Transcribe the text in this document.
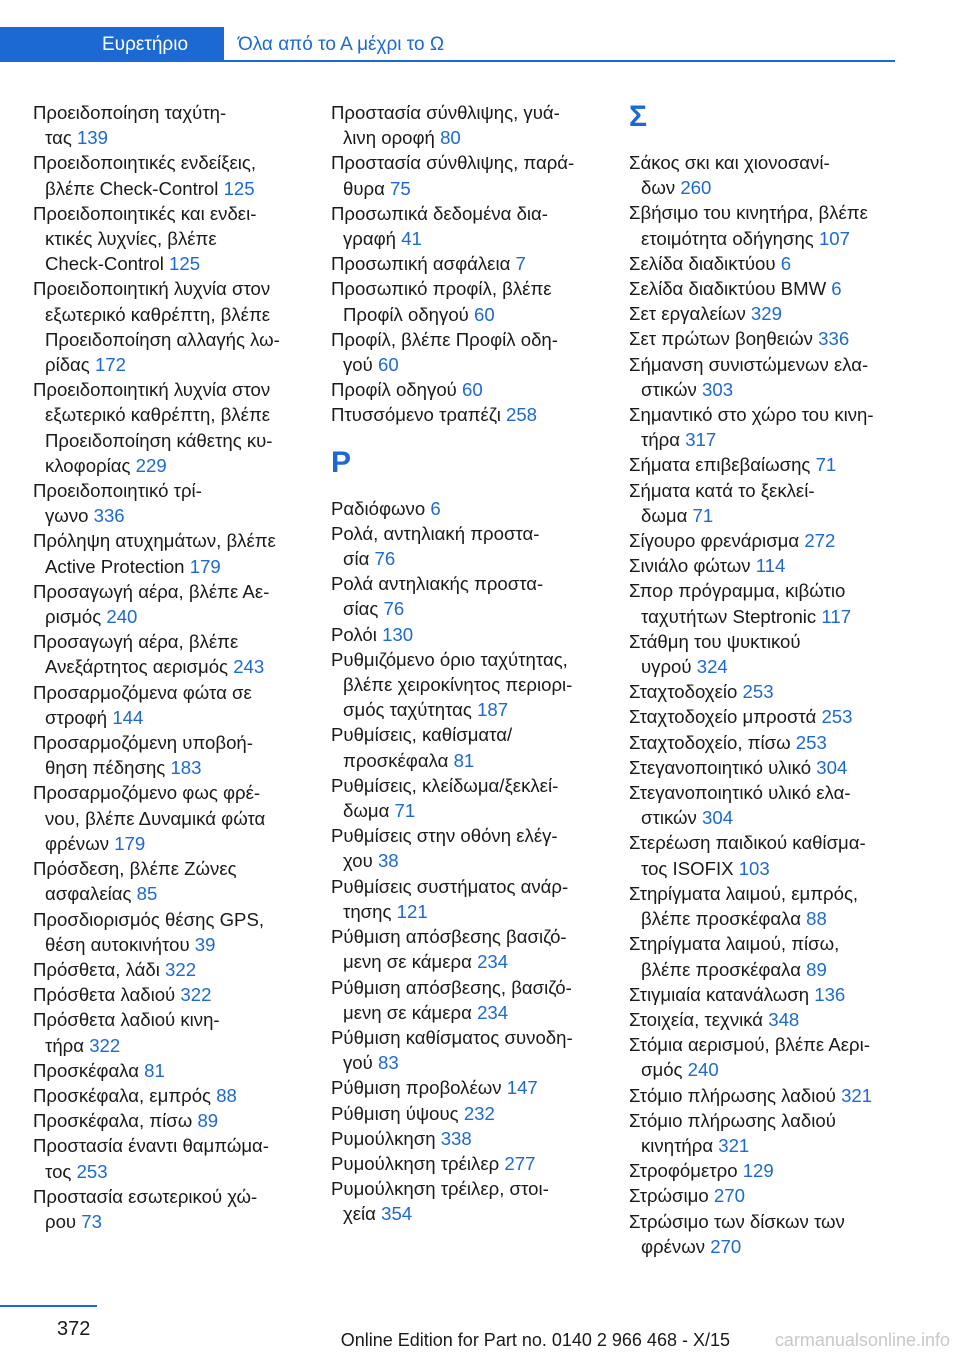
Ευρετήριο	Όλα από το Α μέχρι το Ω
Προειδοποίηση ταχύτη-
τας 139
Προειδοποιητικές ενδείξεις,
βλέπε Check-Control 125
Προειδοποιητικές και ενδει-
κτικές λυχνίες, βλέπε
Check-Control 125
Προειδοποιητική λυχνία στον
εξωτερικό καθρέπτη, βλέπε
Προειδοποίηση αλλαγής λω-
ρίδας 172
Προειδοποιητική λυχνία στον
εξωτερικό καθρέπτη, βλέπε
Προειδοποίηση κάθετης κυ-
κλοφορίας 229
Προειδοποιητικό τρί-
γωνο 336
Πρόληψη ατυχημάτων, βλέπε
Active Protection 179
Προσαγωγή αέρα, βλέπε Αε-
ρισμός 240
Προσαγωγή αέρα, βλέπε
Ανεξάρτητος αερισμός 243
Προσαρμοζόμενα φώτα σε
στροφή 144
Προσαρμοζόμενη υποβοή-
θηση πέδησης 183
Προσαρμοζόμενο φως φρέ-
νου, βλέπε Δυναμικά φώτα
φρένων 179
Πρόσδεση, βλέπε Ζώνες
ασφαλείας 85
Προσδιορισμός θέσης GPS,
θέση αυτοκινήτου 39
Πρόσθετα, λάδι 322
Πρόσθετα λαδιού 322
Πρόσθετα λαδιού κινη-
τήρα 322
Προσκέφαλα 81
Προσκέφαλα, εμπρός 88
Προσκέφαλα, πίσω 89
Προστασία έναντι θαμπώμα-
τος 253
Προστασία εσωτερικού χώ-
ρου 73
Προστασία σύνθλιψης, γυά-
λινη οροφή 80
Προστασία σύνθλιψης, παρά-
θυρα 75
Προσωπικά δεδομένα δια-
γραφή 41
Προσωπική ασφάλεια 7
Προσωπικό προφίλ, βλέπε
Προφίλ οδηγού 60
Προφίλ, βλέπε Προφίλ οδη-
γού 60
Προφίλ οδηγού 60
Πτυσσόμενο τραπέζι 258
Ρ
Ραδιόφωνο 6
Ρολά, αντηλιακή προστα-
σία 76
Ρολά αντηλιακής προστα-
σίας 76
Ρολόι 130
Ρυθμιζόμενο όριο ταχύτητας,
βλέπε χειροκίνητος περιορι-
σμός ταχύτητας 187
Ρυθμίσεις, καθίσματα/
προσκέφαλα 81
Ρυθμίσεις, κλείδωμα/ξεκλεί-
δωμα 71
Ρυθμίσεις στην οθόνη ελέγ-
χου 38
Ρυθμίσεις συστήματος ανάρ-
τησης 121
Ρύθμιση απόσβεσης βασιζό-
μενη σε κάμερα 234
Ρύθμιση απόσβεσης, βασιζό-
μενη σε κάμερα 234
Ρύθμιση καθίσματος συνοδη-
γού 83
Ρύθμιση προβολέων 147
Ρύθμιση ύψους 232
Ρυμούλκηση 338
Ρυμούλκηση τρέιλερ 277
Ρυμούλκηση τρέιλερ, στοι-
χεία 354
Σ
Σάκος σκι και χιονοσανί-
δων 260
Σβήσιμο του κινητήρα, βλέπε
ετοιμότητα οδήγησης 107
Σελίδα διαδικτύου 6
Σελίδα διαδικτύου BMW 6
Σετ εργαλείων 329
Σετ πρώτων βοηθειών 336
Σήμανση συνιστώμενων ελα-
στικών 303
Σημαντικό στο χώρο του κινη-
τήρα 317
Σήματα επιβεβαίωσης 71
Σήματα κατά το ξεκλεί-
δωμα 71
Σίγουρο φρενάρισμα 272
Σινιάλο φώτων 114
Σπορ πρόγραμμα, κιβώτιο
ταχυτήτων Steptronic 117
Στάθμη του ψυκτικού
υγρού 324
Σταχτοδοχείο 253
Σταχτοδοχείο μπροστά 253
Σταχτοδοχείο, πίσω 253
Στεγανοποιητικό υλικό 304
Στεγανοποιητικό υλικό ελα-
στικών 304
Στερέωση παιδικού καθίσμα-
τος ISOFIX 103
Στηρίγματα λαιμού, εμπρός,
βλέπε προσκέφαλα 88
Στηρίγματα λαιμού, πίσω,
βλέπε προσκέφαλα 89
Στιγμιαία κατανάλωση 136
Στοιχεία, τεχνικά 348
Στόμια αερισμού, βλέπε Αερι-
σμός 240
Στόμιο πλήρωσης λαδιού 321
Στόμιο πλήρωσης λαδιού
κινητήρα 321
Στροφόμετρο 129
Στρώσιμο 270
Στρώσιμο των δίσκων των
φρένων 270
372	Online Edition for Part no. 0140 2 966 468 - X/15 carmanualsonline.info
